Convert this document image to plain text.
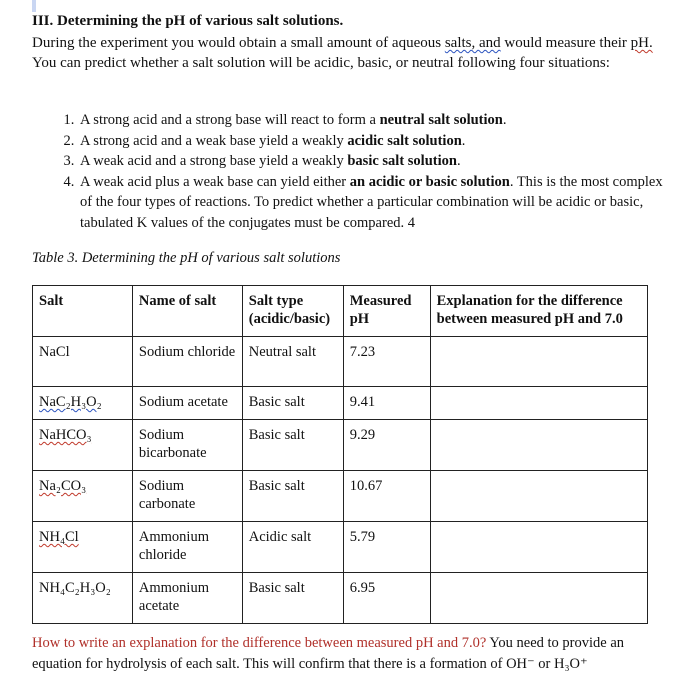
III. Determining the pH of various salt solutions.
During the experiment you would obtain a small amount of aqueous salts, and would measure their pH. You can predict whether a salt solution will be acidic, basic, or neutral following four situations:
1. A strong acid and a strong base will react to form a neutral salt solution.
2. A strong acid and a weak base yield a weakly acidic salt solution.
3. A weak acid and a strong base yield a weakly basic salt solution.
4. A weak acid plus a weak base can yield either an acidic or basic solution. This is the most complex of the four types of reactions. To predict whether a particular combination will be acidic or basic, tabulated K values of the conjugates must be compared. 4
Table 3. Determining the pH of various salt solutions
Salt	Name of salt	Salt type (acidic/basic)	Measured pH	Explanation for the difference between measured pH and 7.0
NaCl	Sodium chloride	Neutral salt	7.23	
NaC₂H₃O₂	Sodium acetate	Basic salt	9.41	
NaHCO₃	Sodium bicarbonate	Basic salt	9.29	
Na₂CO₃	Sodium carbonate	Basic salt	10.67	
NH₄Cl	Ammonium chloride	Acidic salt	5.79	
NH₄C₂H₃O₂	Ammonium acetate	Basic salt	6.95	
How to write an explanation for the difference between measured pH and 7.0? You need to provide an equation for hydrolysis of each salt. This will confirm that there is a formation of OH⁻ or H₃O⁺
